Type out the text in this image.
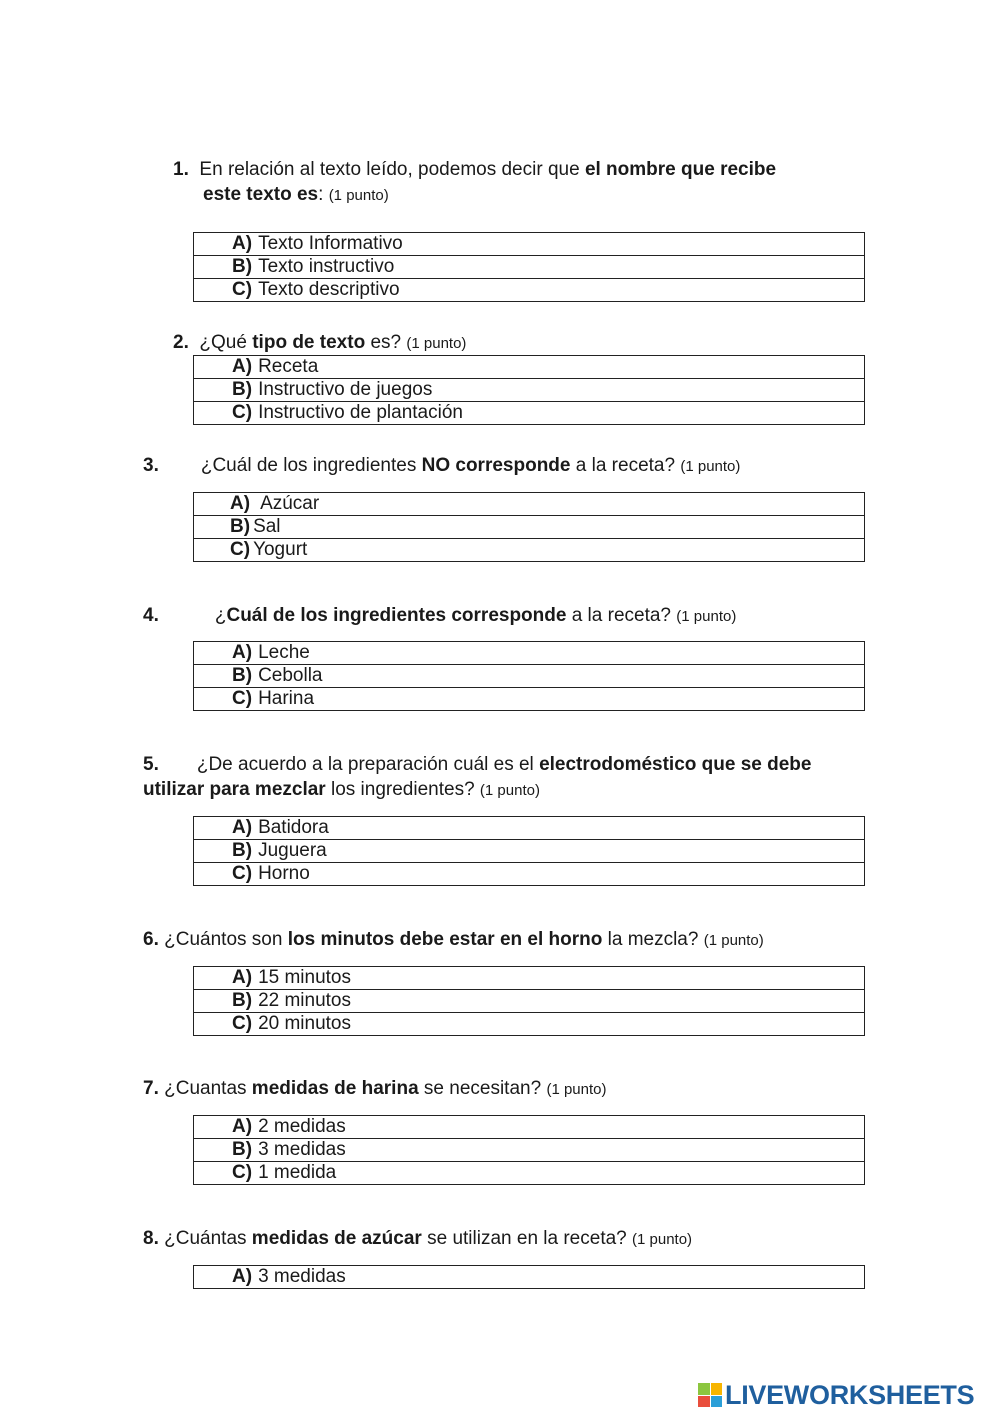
1. En relación al texto leído, podemos decir que el nombre que recibe
este texto es: (1 punto)
A) Texto Informativo
B) Texto instructivo
C) Texto descriptivo
2. ¿Qué tipo de texto es? (1 punto)
A) Receta
B) Instructivo de juegos
C) Instructivo de plantación
3. ¿Cuál de los ingredientes NO corresponde a la receta? (1 punto)
A) Azúcar
B) Sal
C) Yogurt
4.	¿Cuál de los ingredientes corresponde a la receta? (1 punto)
A) Leche
B) Cebolla
C) Harina
5. ¿De acuerdo a la preparación cuál es el electrodoméstico que se debe
utilizar para mezclar los ingredientes? (1 punto)
A) Batidora
B) Juguera
C) Horno
6. ¿Cuántos son los minutos debe estar en el horno la mezcla? (1 punto)
A) 15 minutos
B) 22 minutos
C) 20 minutos
7. ¿Cuantas medidas de harina se necesitan? (1 punto)
A) 2 medidas
B) 3 medidas
C) 1 medida
8. ¿Cuántas medidas de azúcar se utilizan en la receta? (1 punto)
A) 3 medidas
LIVEWORKSHEETS
